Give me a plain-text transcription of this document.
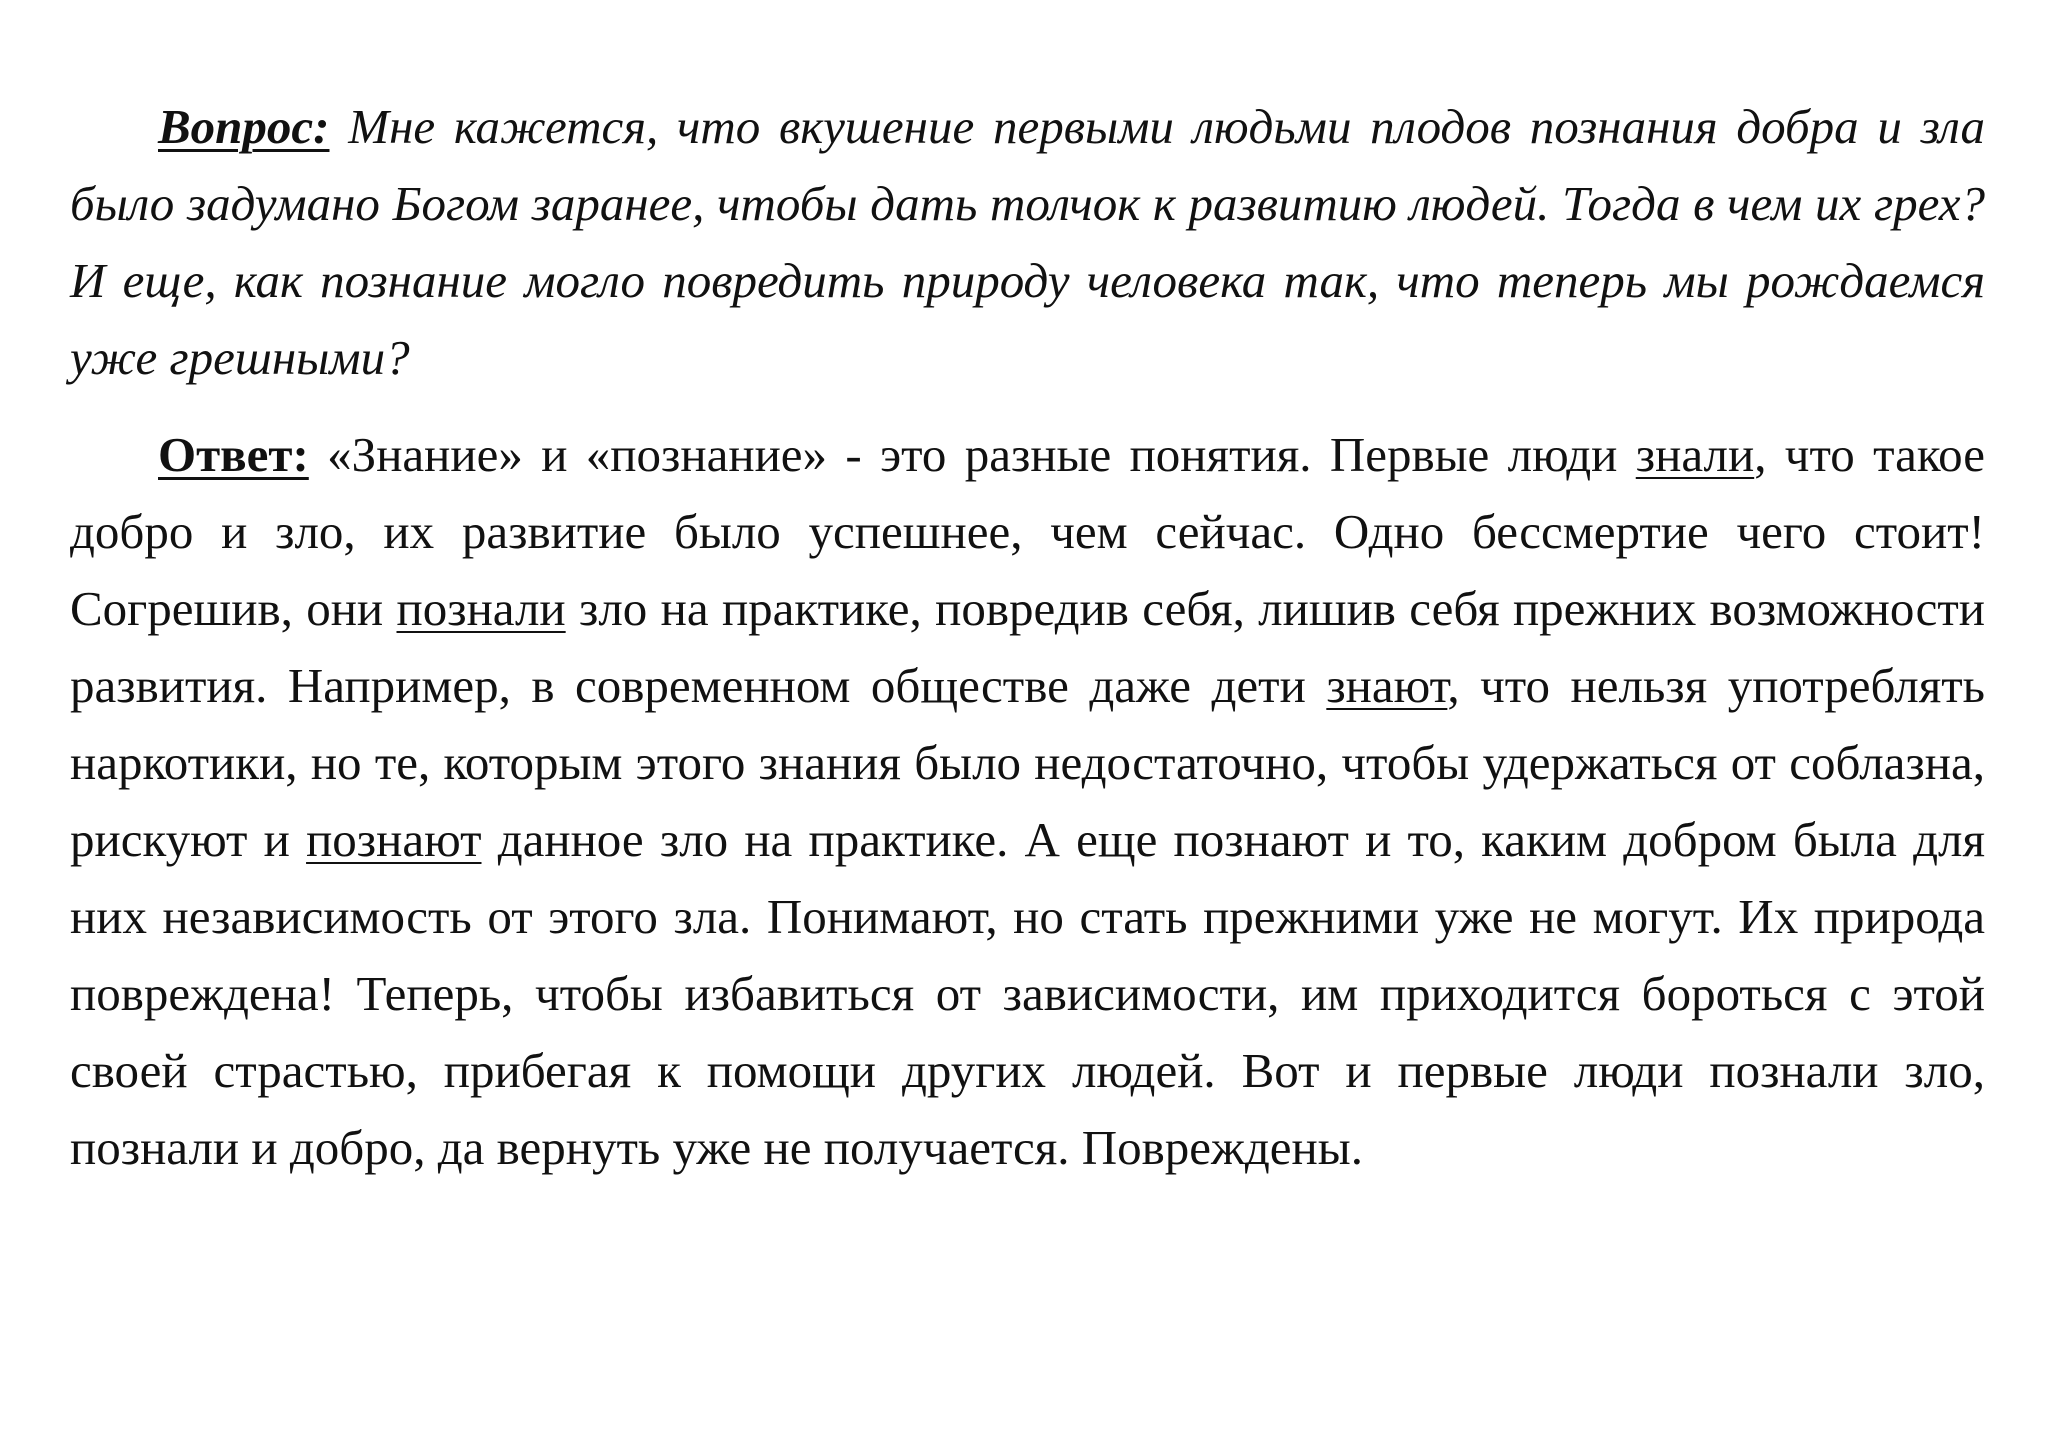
Вопрос: Мне кажется, что вкушение первыми людьми плодов познания добра и зла было задумано Богом заранее, чтобы дать толчок к развитию людей. Тогда в чем их грех? И еще, как познание могло повредить природу человека так, что теперь мы рождаемся уже грешными?

Ответ: «Знание» и «познание» - это разные понятия. Первые люди знали, что такое добро и зло, их развитие было успешнее, чем сейчас. Одно бессмертие чего стоит! Согрешив, они познали зло на практике, повредив себя, лишив себя прежних возможности развития. Например, в современном обществе даже дети знают, что нельзя употреблять наркотики, но те, которым этого знания было недостаточно, чтобы удержаться от соблазна, рискуют и познают данное зло на практике. А еще познают и то, каким добром была для них независимость от этого зла. Понимают, но стать прежними уже не могут. Их природа повреждена! Теперь, чтобы избавиться от зависимости, им приходится бороться с этой своей страстью, прибегая к помощи других людей. Вот и первые люди познали зло, познали и добро, да вернуть уже не получается. Повреждены.
